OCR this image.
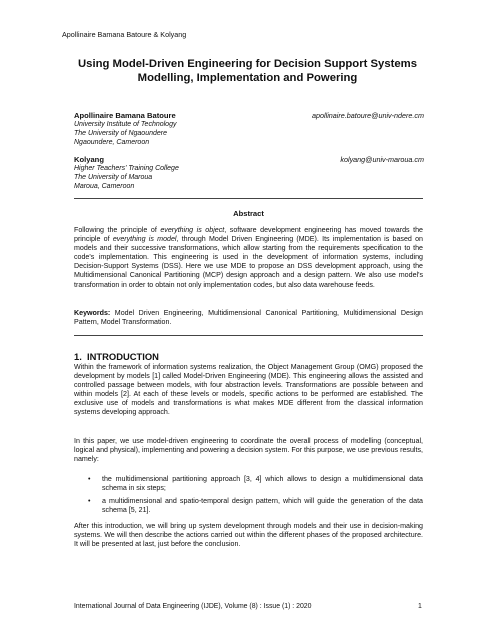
Apollinaire Bamana Batoure & Kolyang
Using Model-Driven Engineering for Decision Support Systems
Modelling, Implementation and Powering
Apollinaire Bamana Batoure	apollinaire.batoure@univ-ndere.cm
University Institute of Technology
The University of Ngaoundere
Ngaoundere, Cameroon
Kolyang	kolyang@univ-maroua.cm
Higher Teachers' Training College
The University of Maroua
Maroua, Cameroon
Abstract
Following the principle of everything is object, software development engineering has moved towards the principle of everything is model, through Model Driven Engineering (MDE). Its implementation is based on models and their successive transformations, which allow starting from the requirements specification to the code's implementation. This engineering is used in the development of information systems, including Decision-Support Systems (DSS). Here we use MDE to propose an DSS development approach, using the Multidimensional Canonical Partitioning (MCP) design approach and a design pattern. We also use model's transformation in order to obtain not only implementation codes, but also data warehouse feeds.
Keywords: Model Driven Engineering, Multidimensional Canonical Partitioning, Multidimensional Design Pattern, Model Transformation.
1.  INTRODUCTION
Within the framework of information systems realization, the Object Management Group (OMG) proposed the development by models [1] called Model-Driven Engineering (MDE). This engineering allows the assisted and controlled passage between models, with four abstraction levels. Transformations are possible between and within models [2]. At each of these levels or models, specific actions to be performed are established. The exclusive use of models and transformations is what makes MDE different from the classical information systems developing approach.
In this paper, we use model-driven engineering to coordinate the overall process of modelling (conceptual, logical and physical), implementing and powering a decision system. For this purpose, we use previous results, namely:
• the multidimensional partitioning approach [3, 4] which allows to design a multidimensional data schema in six steps;
• a multidimensional and spatio-temporal design pattern, which will guide the generation of the data schema [5, 21].
After this introduction, we will bring up system development through models and their use in decision-making systems. We will then describe the actions carried out within the different phases of the proposed architecture. It will be presented at last, just before the conclusion.
International Journal of Data Engineering (IJDE), Volume (8) : Issue (1) : 2020	1
